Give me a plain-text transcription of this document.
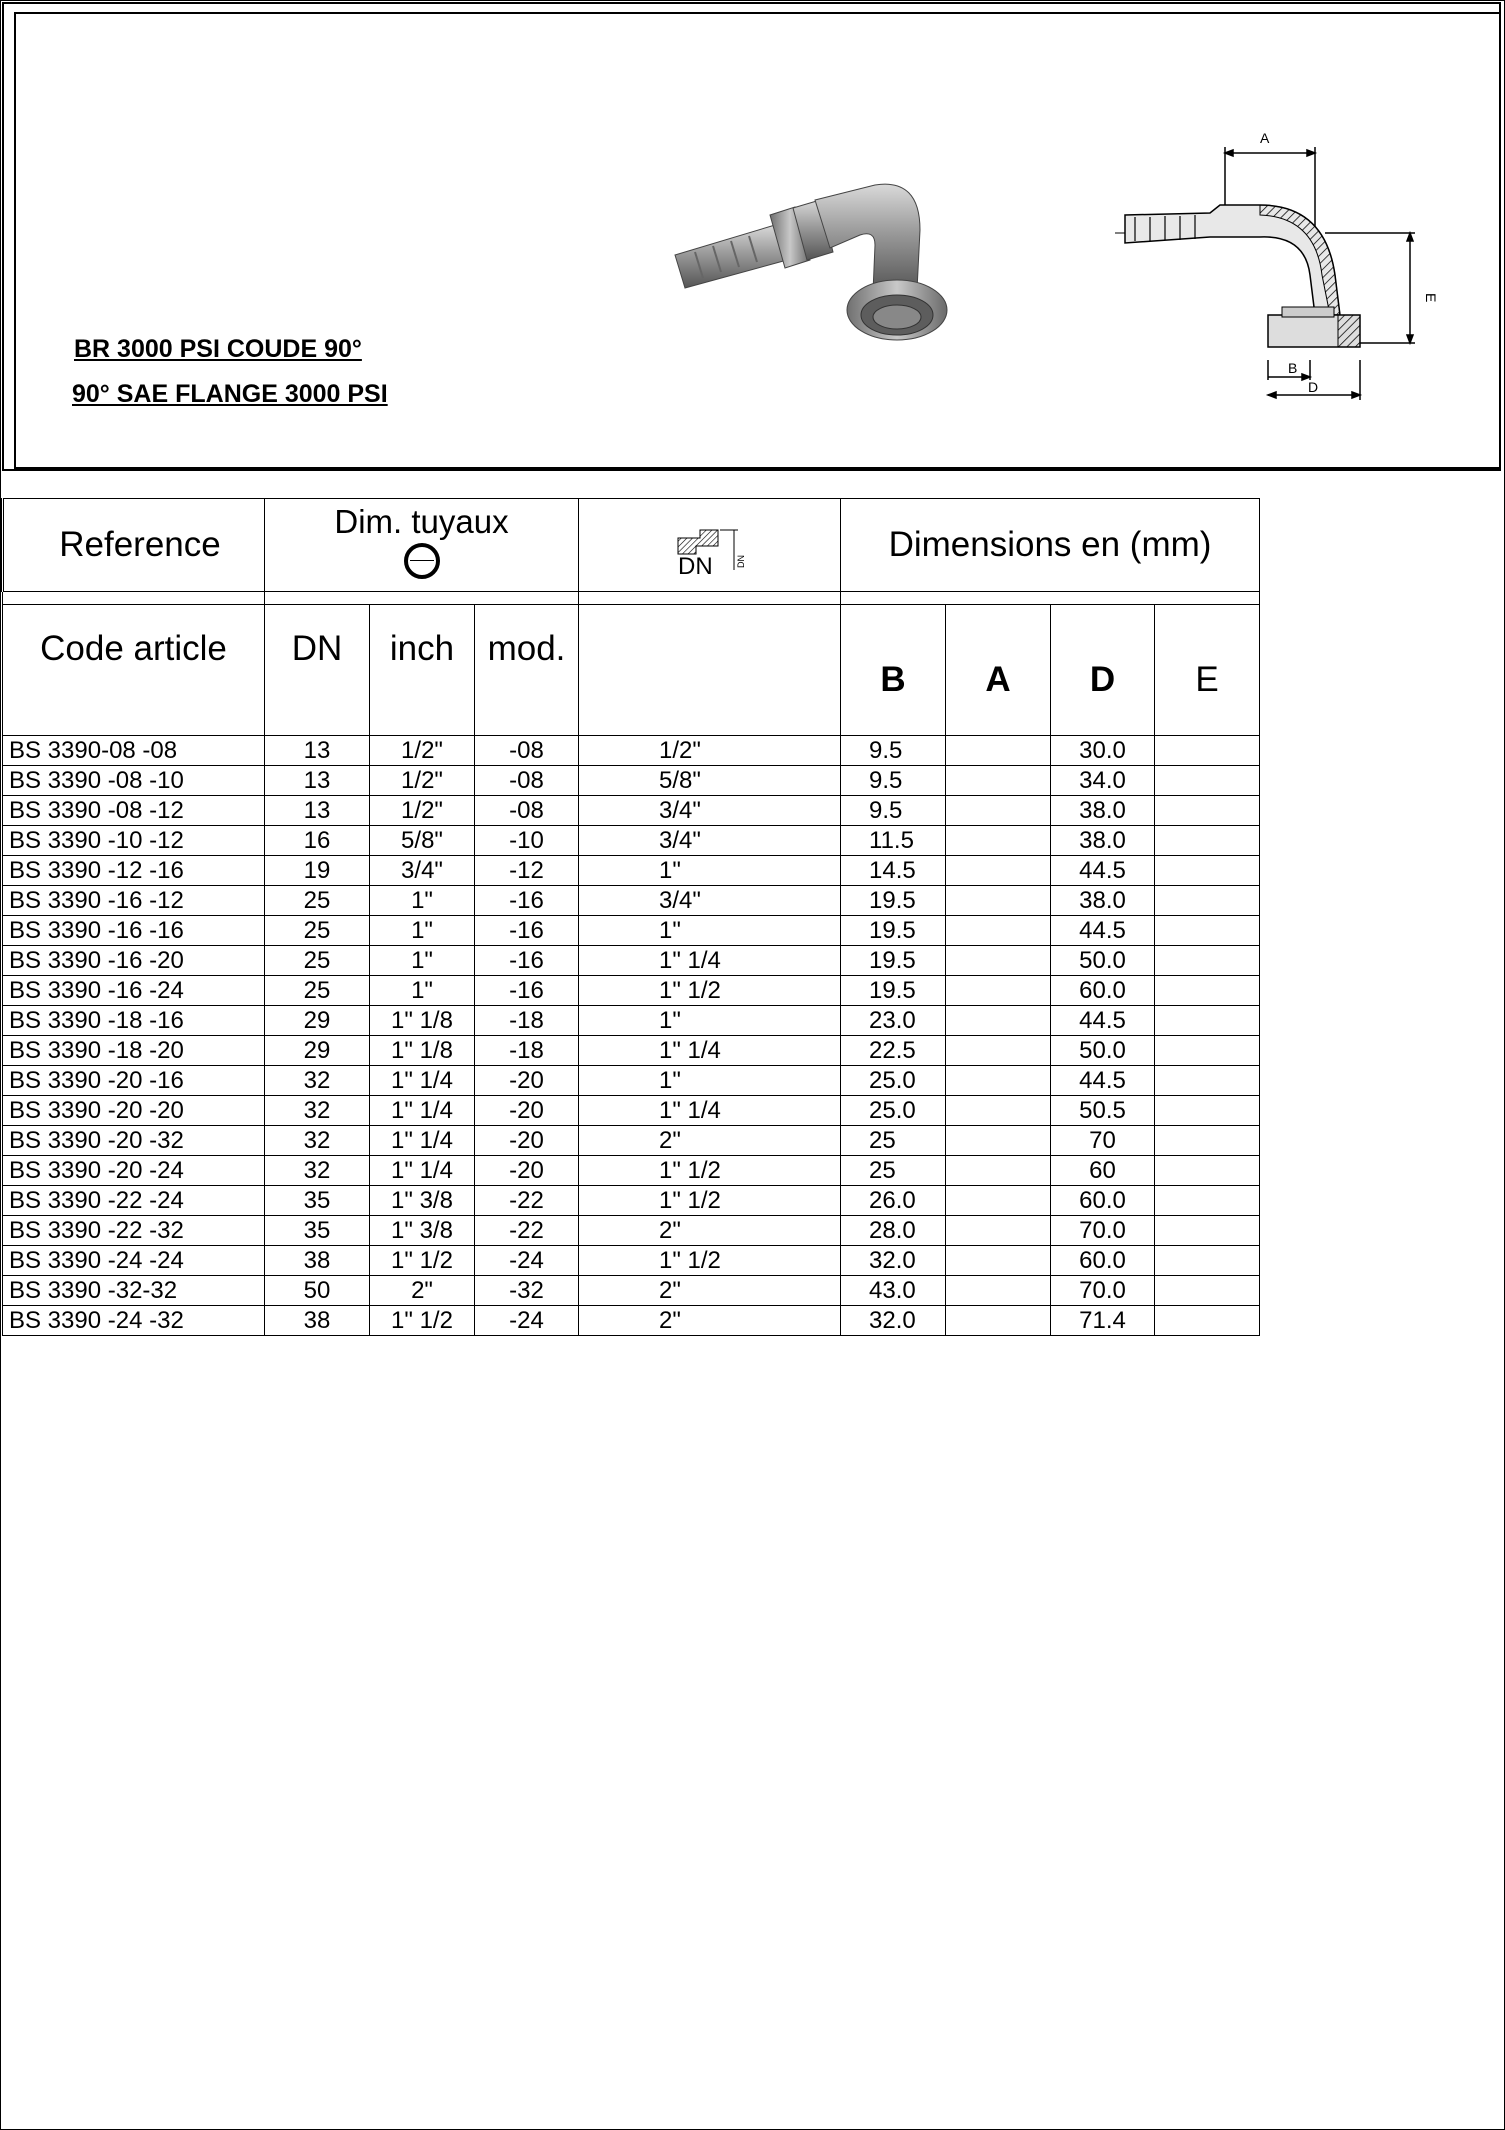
BR 3000 PSI COUDE 90°
90° SAE FLANGE 3000 PSI
A
E
B
D
Reference	Dim. tuyaux			DN DN	Dimensions en (mm)			

Code article	DN	inch	mod.		B	A	D	E
BS 3390-08 -08	13	1/2"	-08	1/2"	9.5		30.0	
BS 3390 -08 -10	13	1/2"	-08	5/8"	9.5		34.0	
BS 3390 -08 -12	13	1/2"	-08	3/4"	9.5		38.0	
BS 3390 -10 -12	16	5/8"	-10	3/4"	11.5		38.0	
BS 3390 -12 -16	19	3/4"	-12	1"	14.5		44.5	
BS 3390 -16 -12	25	1"	-16	3/4"	19.5		38.0	
BS 3390 -16 -16	25	1"	-16	1"	19.5		44.5	
BS 3390 -16 -20	25	1"	-16	1" 1/4	19.5		50.0	
BS 3390 -16 -24	25	1"	-16	1" 1/2	19.5		60.0	
BS 3390 -18 -16	29	1" 1/8	-18	1"	23.0		44.5	
BS 3390 -18 -20	29	1" 1/8	-18	1" 1/4	22.5		50.0	
BS 3390 -20 -16	32	1" 1/4	-20	1"	25.0		44.5	
BS 3390 -20 -20	32	1" 1/4	-20	1" 1/4	25.0		50.5	
BS 3390 -20 -32	32	1" 1/4	-20	2"	25		70	
BS 3390 -20 -24	32	1" 1/4	-20	1" 1/2	25		60	
BS 3390 -22 -24	35	1" 3/8	-22	1" 1/2	26.0		60.0	
BS 3390 -22 -32	35	1" 3/8	-22	2"	28.0		70.0	
BS 3390 -24 -24	38	1" 1/2	-24	1" 1/2	32.0		60.0	
BS 3390 -32-32	50	2"	-32	2"	43.0		70.0	
BS 3390 -24 -32	38	1" 1/2	-24	2"	32.0		71.4	
